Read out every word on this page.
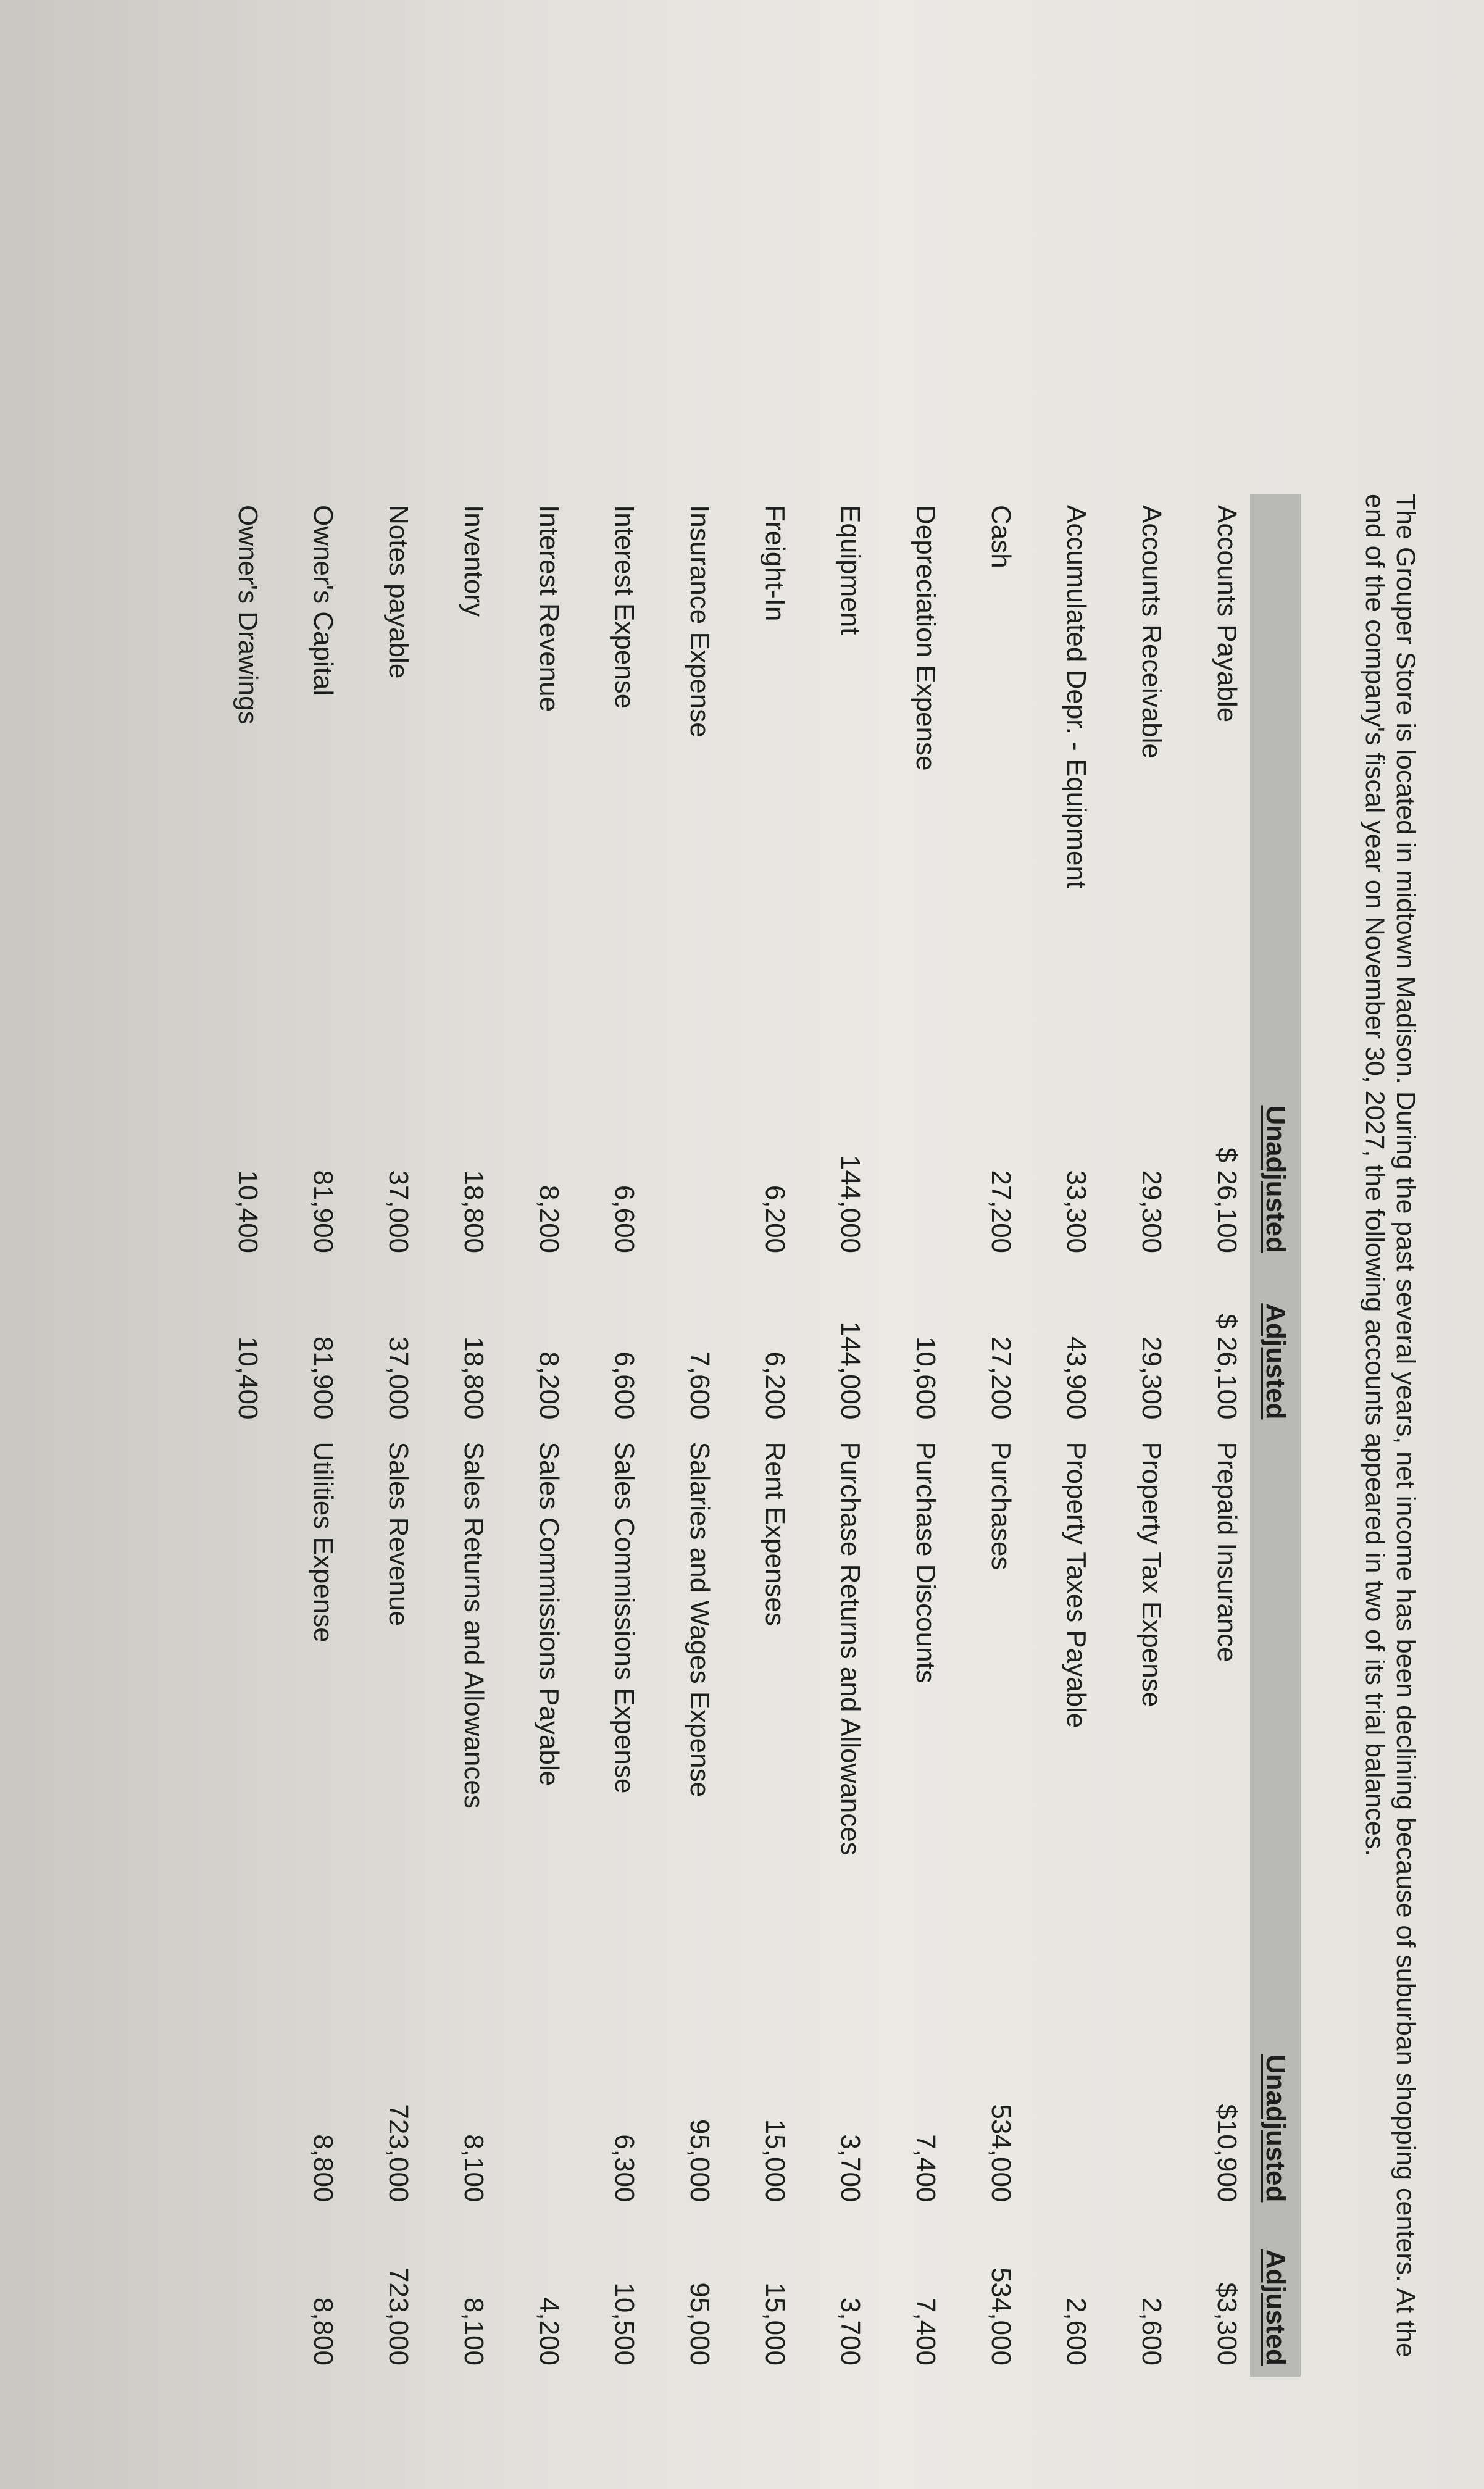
The Grouper Store is located in midtown Madison. During the past several years, net income has been declining because of suburban shopping centers. At the end of the company's fiscal year on November 30, 2027, the following accounts appeared in two of its trial balances.

	Unadjusted	Adjusted		Unadjusted	Adjusted
Accounts Payable	$ 26,100	$ 26,100	Prepaid Insurance	$10,900	$3,300
Accounts Receivable	29,300	29,300	Property Tax Expense		2,600
Accumulated Depr. - Equipment	33,300	43,900	Property Taxes Payable		2,600
Cash	27,200	27,200	Purchases	534,000	534,000
Depreciation Expense		10,600	Purchase Discounts	7,400	7,400
Equipment	144,000	144,000	Purchase Returns and Allowances	3,700	3,700
Freight-In	6,200	6,200	Rent Expenses	15,000	15,000
Insurance Expense		7,600	Salaries and Wages Expense	95,000	95,000
Interest Expense	6,600	6,600	Sales Commissions Expense	6,300	10,500
Interest Revenue	8,200	8,200	Sales Commissions Payable		4,200
Inventory	18,800	18,800	Sales Returns and Allowances	8,100	8,100
Notes payable	37,000	37,000	Sales Revenue	723,000	723,000
Owner's Capital	81,900	81,900	Utilities Expense	8,800	8,800
Owner's Drawings	10,400	10,400			
